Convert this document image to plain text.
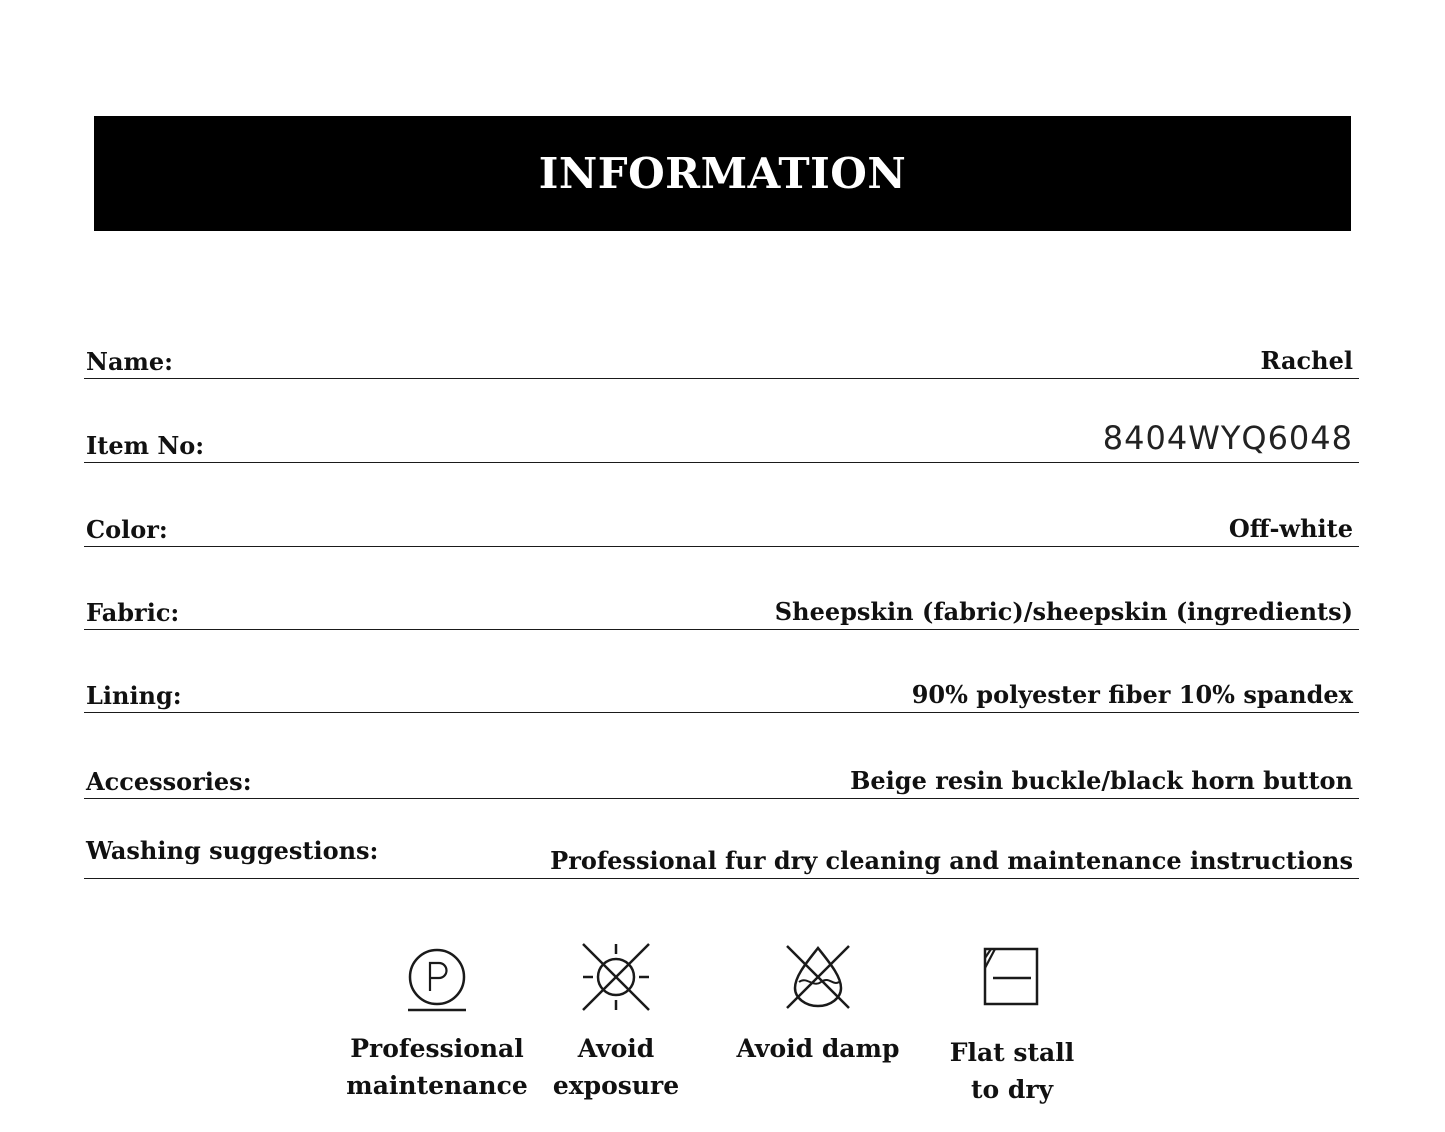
INFORMATION
Name:	Rachel
Item No:	8404WYQ6048
Color:	Off-white
Fabric:	Sheepskin (fabric)/sheepskin (ingredients)
Lining:	90% polyester fiber 10% spandex
Accessories:	Beige resin buckle/black horn button
Washing suggestions:	Professional fur dry cleaning and maintenance instructions
Professional
maintenance
Avoid
exposure
Avoid damp	Flat stall
to dry
